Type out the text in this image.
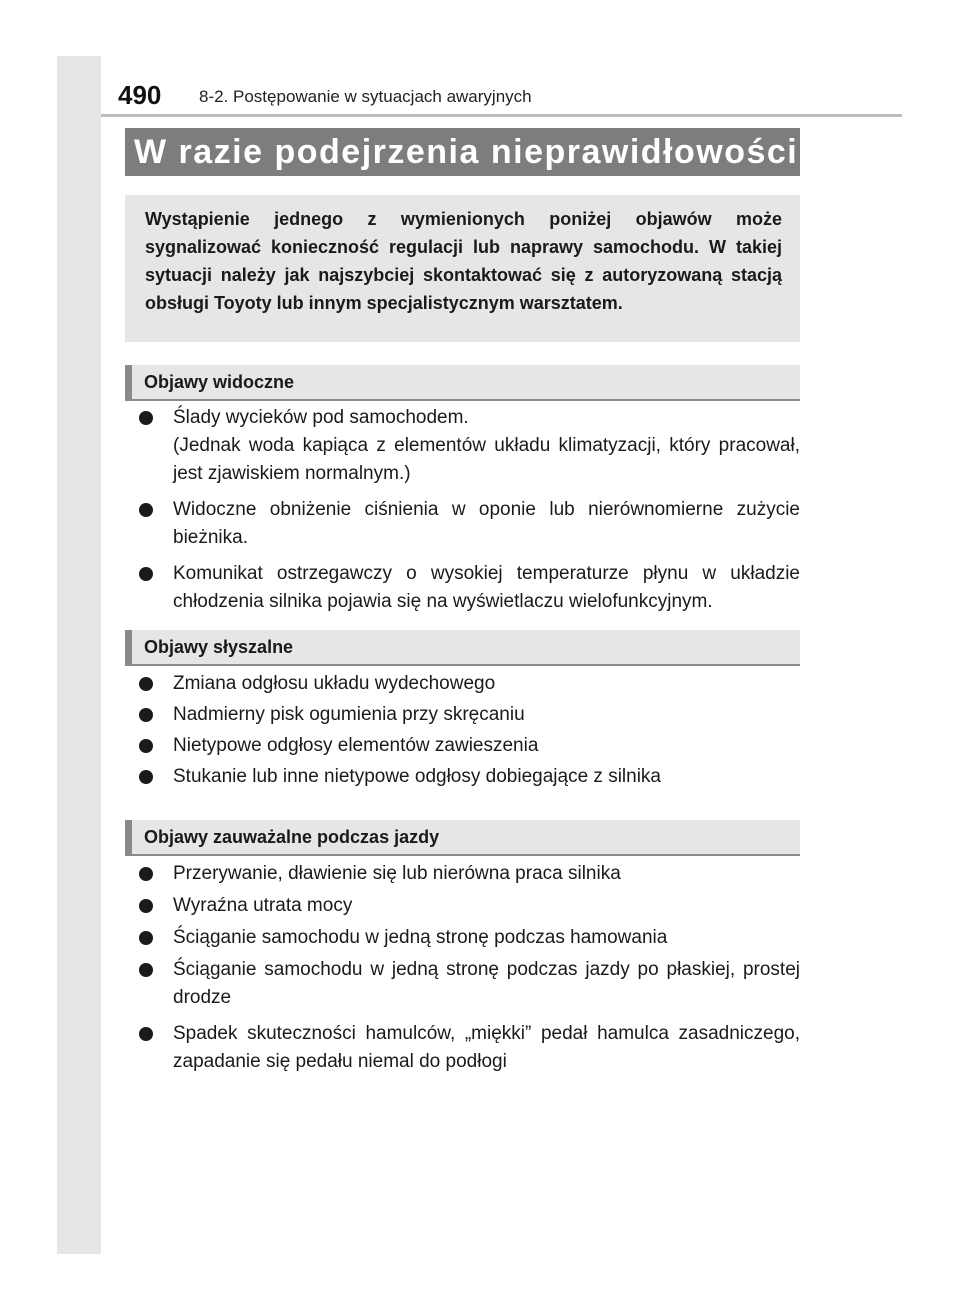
490 8-2. Postępowanie w sytuacjach awaryjnych
W razie podejrzenia nieprawidłowości
Wystąpienie jednego z wymienionych poniżej objawów może sygnalizować konieczność regulacji lub naprawy samochodu. W takiej sytuacji należy jak najszybciej skontaktować się z autoryzowaną stacją obsługi Toyoty lub innym specjalistycznym warsztatem.
Objawy widoczne
Ślady wycieków pod samochodem.
(Jednak woda kapiąca z elementów układu klimatyzacji, który pracował, jest zjawiskiem normalnym.)
Widoczne obniżenie ciśnienia w oponie lub nierównomierne zużycie bieżnika.
Komunikat ostrzegawczy o wysokiej temperaturze płynu w układzie chłodzenia silnika pojawia się na wyświetlaczu wielofunkcyjnym.
Objawy słyszalne
Zmiana odgłosu układu wydechowego
Nadmierny pisk ogumienia przy skręcaniu
Nietypowe odgłosy elementów zawieszenia
Stukanie lub inne nietypowe odgłosy dobiegające z silnika
Objawy zauważalne podczas jazdy
Przerywanie, dławienie się lub nierówna praca silnika
Wyraźna utrata mocy
Ściąganie samochodu w jedną stronę podczas hamowania
Ściąganie samochodu w jedną stronę podczas jazdy po płaskiej, prostej drodze
Spadek skuteczności hamulców, „miękki” pedał hamulca zasadniczego, zapadanie się pedału niemal do podłogi
